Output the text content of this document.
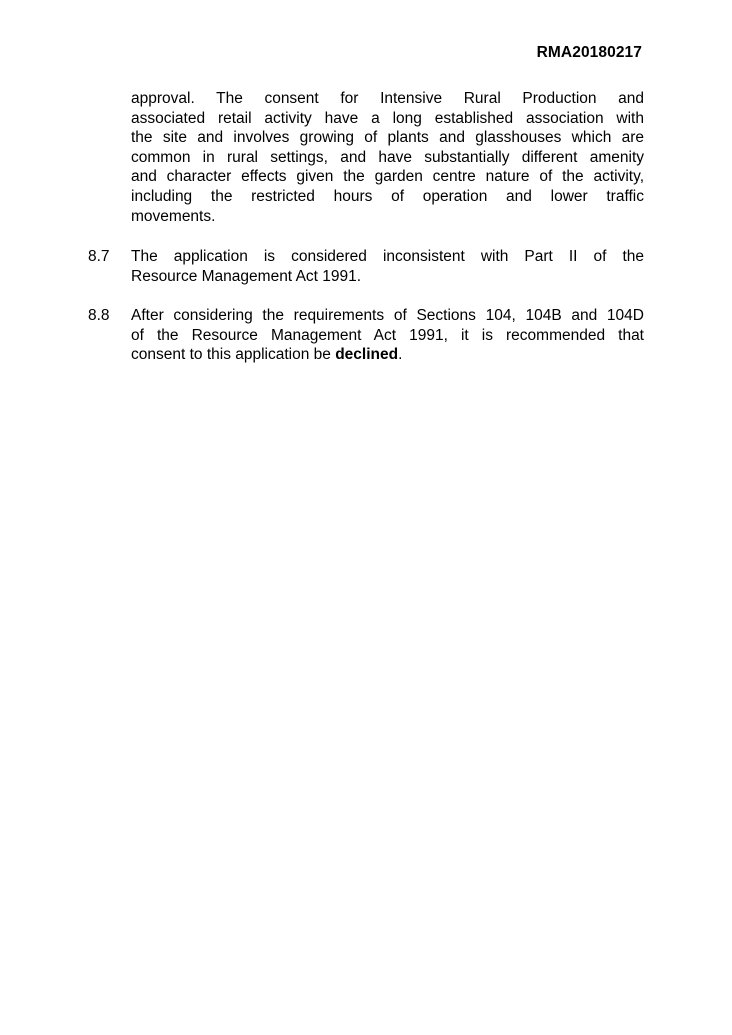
RMA20180217
approval. The consent for Intensive Rural Production and
associated retail activity have a long established association with
the site and involves growing of plants and glasshouses which are
common in rural settings, and have substantially different amenity
and character effects given the garden centre nature of the activity,
including the restricted hours of operation and lower traffic
movements.
8.7 The application is considered inconsistent with Part II of the
Resource Management Act 1991.
8.8 After considering the requirements of Sections 104, 104B and 104D
of the Resource Management Act 1991, it is recommended that
consent to this application be declined.
